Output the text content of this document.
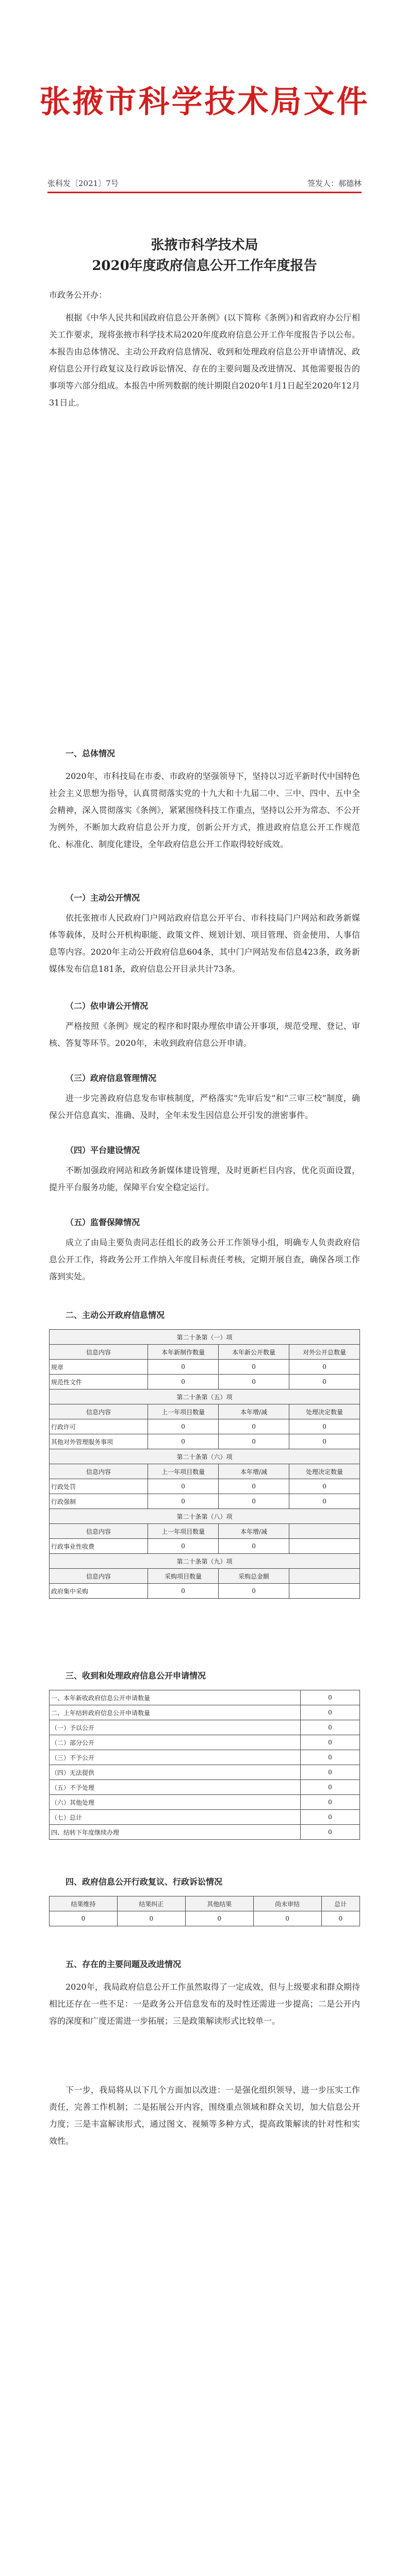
张掖市科学技术局文件
张科发〔2021〕7号	签发人：郝德林
张掖市科学技术局
2020年度政府信息公开工作年度报告
市政务公开办：
根据《中华人民共和国政府信息公开条例》(以下简称《条例》)和省政府办公厅相关工作要求，现将张掖市科学技术局2020年度政府信息公开工作年度报告予以公布。本报告由总体情况、主动公开政府信息情况、收到和处理政府信息公开申请情况、政府信息公开行政复议及行政诉讼情况、存在的主要问题及改进情况、其他需要报告的事项等六部分组成。本报告中所列数据的统计期限自2020年1月1日起至2020年12月31日止。
一、总体情况
2020年，市科技局在市委、市政府的坚强领导下，坚持以习近平新时代中国特色社会主义思想为指导，认真贯彻落实党的十九大和十九届二中、三中、四中、五中全会精神，深入贯彻落实《条例》，紧紧围绕科技工作重点，坚持以公开为常态、不公开为例外，不断加大政府信息公开力度，创新公开方式，推进政府信息公开工作规范化、标准化、制度化建设，全年政府信息公开工作取得较好成效。
（一）主动公开情况
依托张掖市人民政府门户网站政府信息公开平台、市科技局门户网站和政务新媒体等载体，及时公开机构职能、政策文件、规划计划、项目管理、资金使用、人事信息等内容。2020年主动公开政府信息604条，其中门户网站发布信息423条，政务新媒体发布信息181条，政府信息公开目录共计73条。
（二）依申请公开情况
严格按照《条例》规定的程序和时限办理依申请公开事项，规范受理、登记、审核、答复等环节。2020年，未收到政府信息公开申请。
（三）政府信息管理情况
进一步完善政府信息发布审核制度，严格落实“先审后发”和“三审三校”制度，确保公开信息真实、准确、及时，全年未发生因信息公开引发的泄密事件。
（四）平台建设情况
不断加强政府网站和政务新媒体建设管理，及时更新栏目内容，优化页面设置，提升平台服务功能，保障平台安全稳定运行。
（五）监督保障情况
成立了由局主要负责同志任组长的政务公开工作领导小组，明确专人负责政府信息公开工作，将政务公开工作纳入年度目标责任考核，定期开展自查，确保各项工作落到实处。
二、主动公开政府信息情况
第二十条第（一）项			
信息内容	本年新制作数量	本年新公开数量	对外公开总数量
规章	0	0	0
规范性文件	0	0	0
第二十条第（五）项			
信息内容	上一年项目数量	本年增/减	处理决定数量
行政许可	0	0	0
其他对外管理服务事项	0	0	0
第二十条第（六）项			
信息内容	上一年项目数量	本年增/减	处理决定数量
行政处罚	0	0	0
行政强制	0	0	0
第二十条第（八）项			
信息内容	上一年项目数量	本年增/减	
行政事业性收费	0	0	
第二十条第（九）项			
信息内容	采购项目数量	采购总金额	
政府集中采购	0	0	
三、收到和处理政府信息公开申请情况
一、本年新收政府信息公开申请数量	0
二、上年结转政府信息公开申请数量	0
（一）予以公开	0
（二）部分公开	0
（三）不予公开	0
（四）无法提供	0
（五）不予处理	0
（六）其他处理	0
（七）总计	0
四、结转下年度继续办理	0
四、政府信息公开行政复议、行政诉讼情况
结果维持	结果纠正	其他结果	尚未审结	总计
0	0	0	0	0
五、存在的主要问题及改进情况
2020年，我局政府信息公开工作虽然取得了一定成效，但与上级要求和群众期待相比还存在一些不足：一是政务公开信息发布的及时性还需进一步提高；二是公开内容的深度和广度还需进一步拓展；三是政策解读形式比较单一。
下一步，我局将从以下几个方面加以改进：一是强化组织领导，进一步压实工作责任，完善工作机制；二是拓展公开内容，围绕重点领域和群众关切，加大信息公开力度；三是丰富解读形式，通过图文、视频等多种方式，提高政策解读的针对性和实效性。
